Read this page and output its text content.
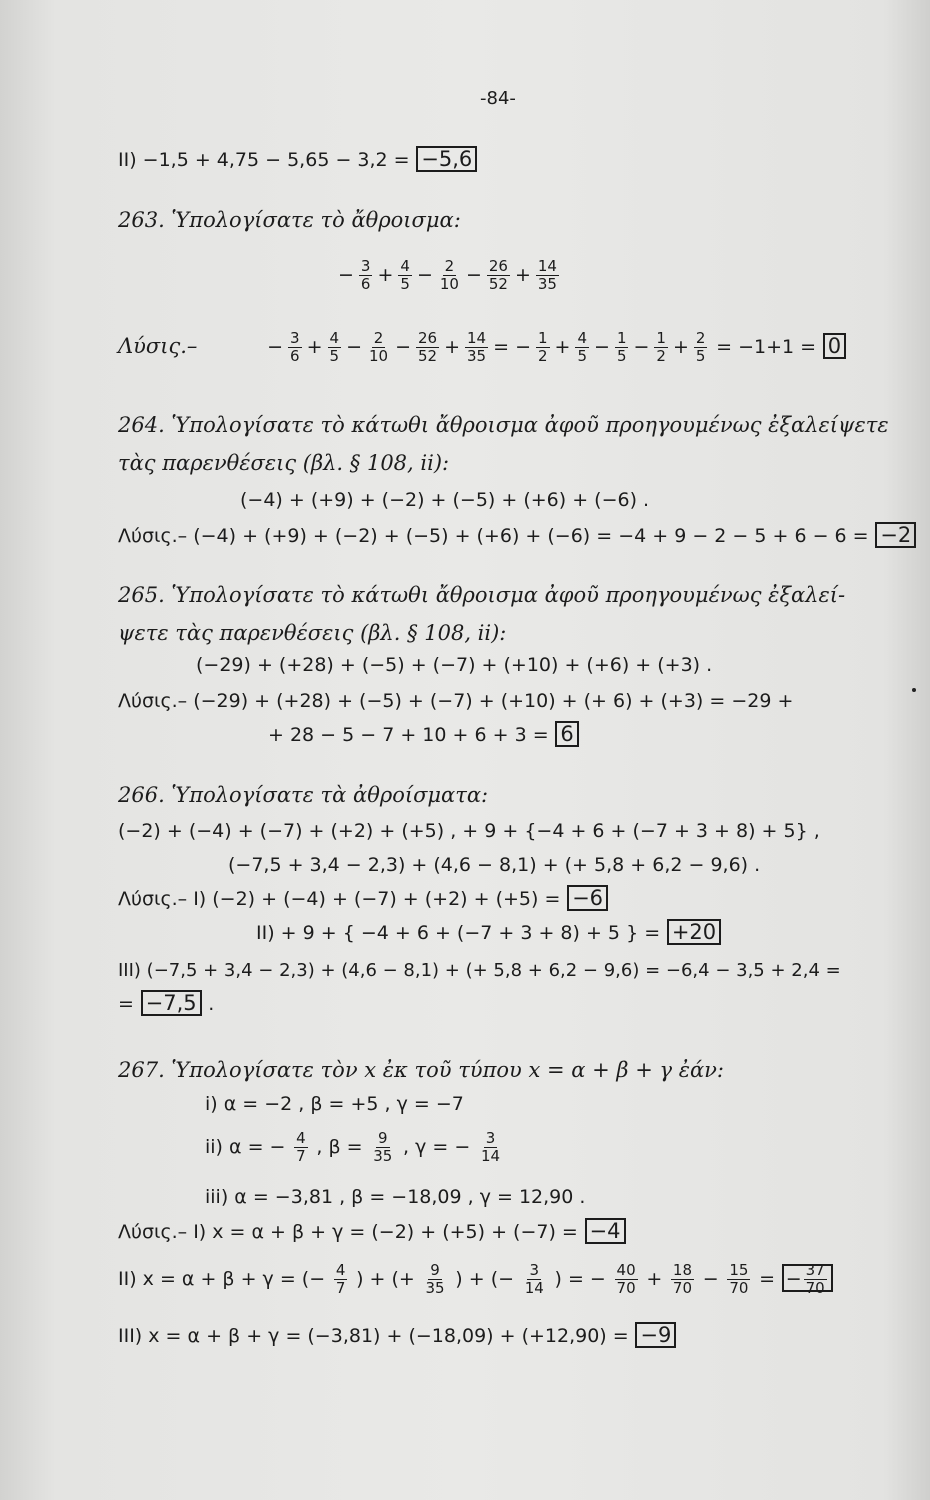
-84-
II) −1,5 + 4,75 − 5,65 − 3,2 = −5,6
263. Ὑπολογίσατε τὸ ἄθροισμα:
− $\frac{3}{6} + \frac{4}{5} - \frac{2}{10} - \frac{26}{52} + \frac{14}{35}$
Λύσις.–	− $\frac{3}{6} + \frac{4}{5} - \frac{2}{10} - \frac{26}{52} + \frac{14}{35}$ = − $\frac{1}{2} + \frac{4}{5} - \frac{1}{5} - \frac{1}{2} + \frac{2}{5} = -1+1 = 0$
264. Ὑπολογίσατε τὸ κάτωθι ἄθροισμα ἀφοῦ προηγουμένως ἐξαλείψετε
τὰς παρενθέσεις (βλ. § 108, ii):
(−4) + (+9) + (−2) + (−5) + (+6) + (−6) .
Λύσις.– (−4) + (+9) + (−2) + (−5) + (+6) + (−6) = −4 + 9 − 2 − 5 + 6 − 6 = −2
265. Ὑπολογίσατε τὸ κάτωθι ἄθροισμα ἀφοῦ προηγουμένως ἐξαλεί-
ψετε τὰς παρενθέσεις (βλ. § 108, ii):
(−29) + (+28) + (−5) + (−7) + (+10) + (+6) + (+3) .
Λύσις.– (−29) + (+28) + (−5) + (−7) + (+10) + (+ 6) + (+3) = −29 +
+ 28 − 5 − 7 + 10 + 6 + 3 = 6
266. Ὑπολογίσατε τὰ ἀθροίσματα:
(−2) + (−4) + (−7) + (+2) + (+5) , + 9 + {−4 + 6 + (−7 + 3 + 8) + 5} ,
(−7,5 + 3,4 − 2,3) + (4,6 − 8,1) + (+ 5,8 + 6,2 − 9,6) .
Λύσις.– I) (−2) + (−4) + (−7) + (+2) + (+5) = −6
II) + 9 + { −4 + 6 + (−7 + 3 + 8) + 5 } = +20
III) (−7,5 + 3,4 − 2,3) + (4,6 − 8,1) + (+ 5,8 + 6,2 − 9,6) = −6,4 − 3,5 + 2,4 =
= −7,5 .
267. Ὑπολογίσατε τὸν x ἐκ τοῦ τύπου x = α + β + γ ἐάν:
i) α = −2 , β = +5 , γ = −7
ii) α = − $\frac{4}{7}$ , $\beta = \frac{9}{35}$ , γ = − $\frac{3}{14}$
iii) α = −3,81 , β = −18,09 , γ = 12,90 .
Λύσις.– I) x = α + β + γ = (−2) + (+5) + (−7) = −4
II) x = α + β + γ = (− $\frac{4}{7}$ ) + (+ $\frac{9}{35}$ ) + (− $\frac{3}{14}$ ) = − $\frac{40}{70} + \frac{18}{70} - \frac{15}{70}$ = − $\frac{37}{70}$
III) x = α + β + γ = (−3,81) + (−18,09) + (+12,90) = −9
